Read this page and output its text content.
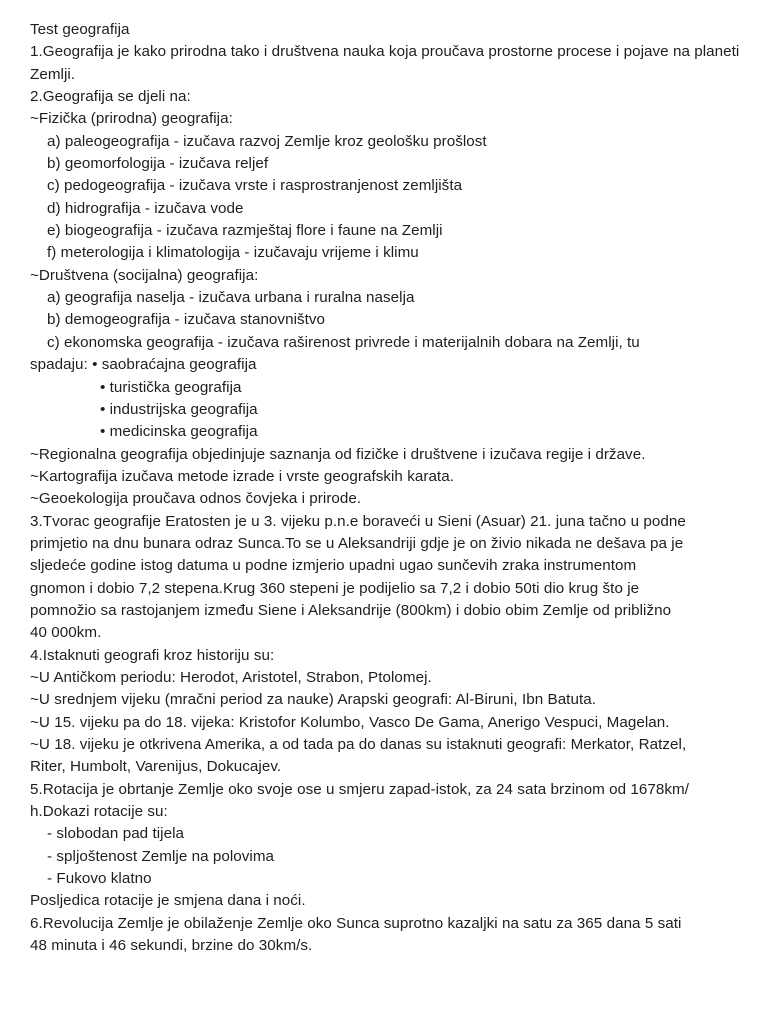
Test geografija
1.Geografija je kako prirodna tako i društvena nauka koja proučava prostorne procese i pojave na planeti Zemlji.
2.Geografija se djeli na:
~Fizička (prirodna) geografija:
a) paleogeografija - izučava razvoj Zemlje kroz geološku prošlost
b) geomorfologija - izučava reljef
c) pedogeografija - izučava vrste i rasprostranjenost zemljišta
d) hidrografija - izučava vode
e) biogeografija - izučava razmještaj flore i faune na Zemlji
f) meterologija i klimatologija - izučavaju vrijeme i klimu
~Društvena (socijalna) geografija:
a) geografija naselja - izučava urbana i ruralna naselja
b) demogeografija - izučava stanovništvo
c) ekonomska geografija - izučava raširenost privrede i materijalnih dobara na Zemlji, tu
spadaju: • saobraćajna geografija
• turistička geografija
• industrijska geografija
• medicinska geografija
~Regionalna geografija objedinjuje saznanja od fizičke i društvene i izučava regije i države.
~Kartografija izučava metode izrade i vrste geografskih karata.
~Geoekologija proučava odnos čovjeka i prirode.
3.Tvorac geografije Eratosten je u 3. vijeku p.n.e boraveći u Sieni (Asuar) 21. juna tačno u podne
primjetio na dnu bunara odraz Sunca.To se u Aleksandriji gdje je on živio nikada ne dešava pa je
sljedeće godine istog datuma u podne izmjerio upadni ugao sunčevih zraka instrumentom
gnomon i dobio 7,2 stepena.Krug 360 stepeni je podijelio sa 7,2 i dobio 50ti dio krug što je
pomnožio sa rastojanjem između Siene i Aleksandrije (800km) i dobio obim Zemlje od približno
40 000km.
4.Istaknuti geografi kroz historiju su:
~U Antičkom periodu: Herodot, Aristotel, Strabon, Ptolomej.
~U srednjem vijeku (mračni period za nauke) Arapski geografi: Al-Biruni, Ibn Batuta.
~U 15. vijeku pa do 18. vijeka: Kristofor Kolumbo, Vasco De Gama, Anerigo Vespuci, Magelan.
~U 18. vijeku je otkrivena Amerika, a od tada pa do danas su istaknuti geografi: Merkator, Ratzel,
Riter, Humbolt, Varenijus, Dokucajev.
5.Rotacija je obrtanje Zemlje oko svoje ose u smjeru zapad-istok, za 24 sata brzinom od 1678km/
h.Dokazi rotacije su:
- slobodan pad tijela
- spljoštenost Zemlje na polovima
- Fukovo klatno
Posljedica rotacije je smjena dana i noći.
6.Revolucija Zemlje je obilaženje Zemlje oko Sunca suprotno kazaljki na satu za 365 dana 5 sati
48 minuta i 46 sekundi, brzine do 30km/s.
